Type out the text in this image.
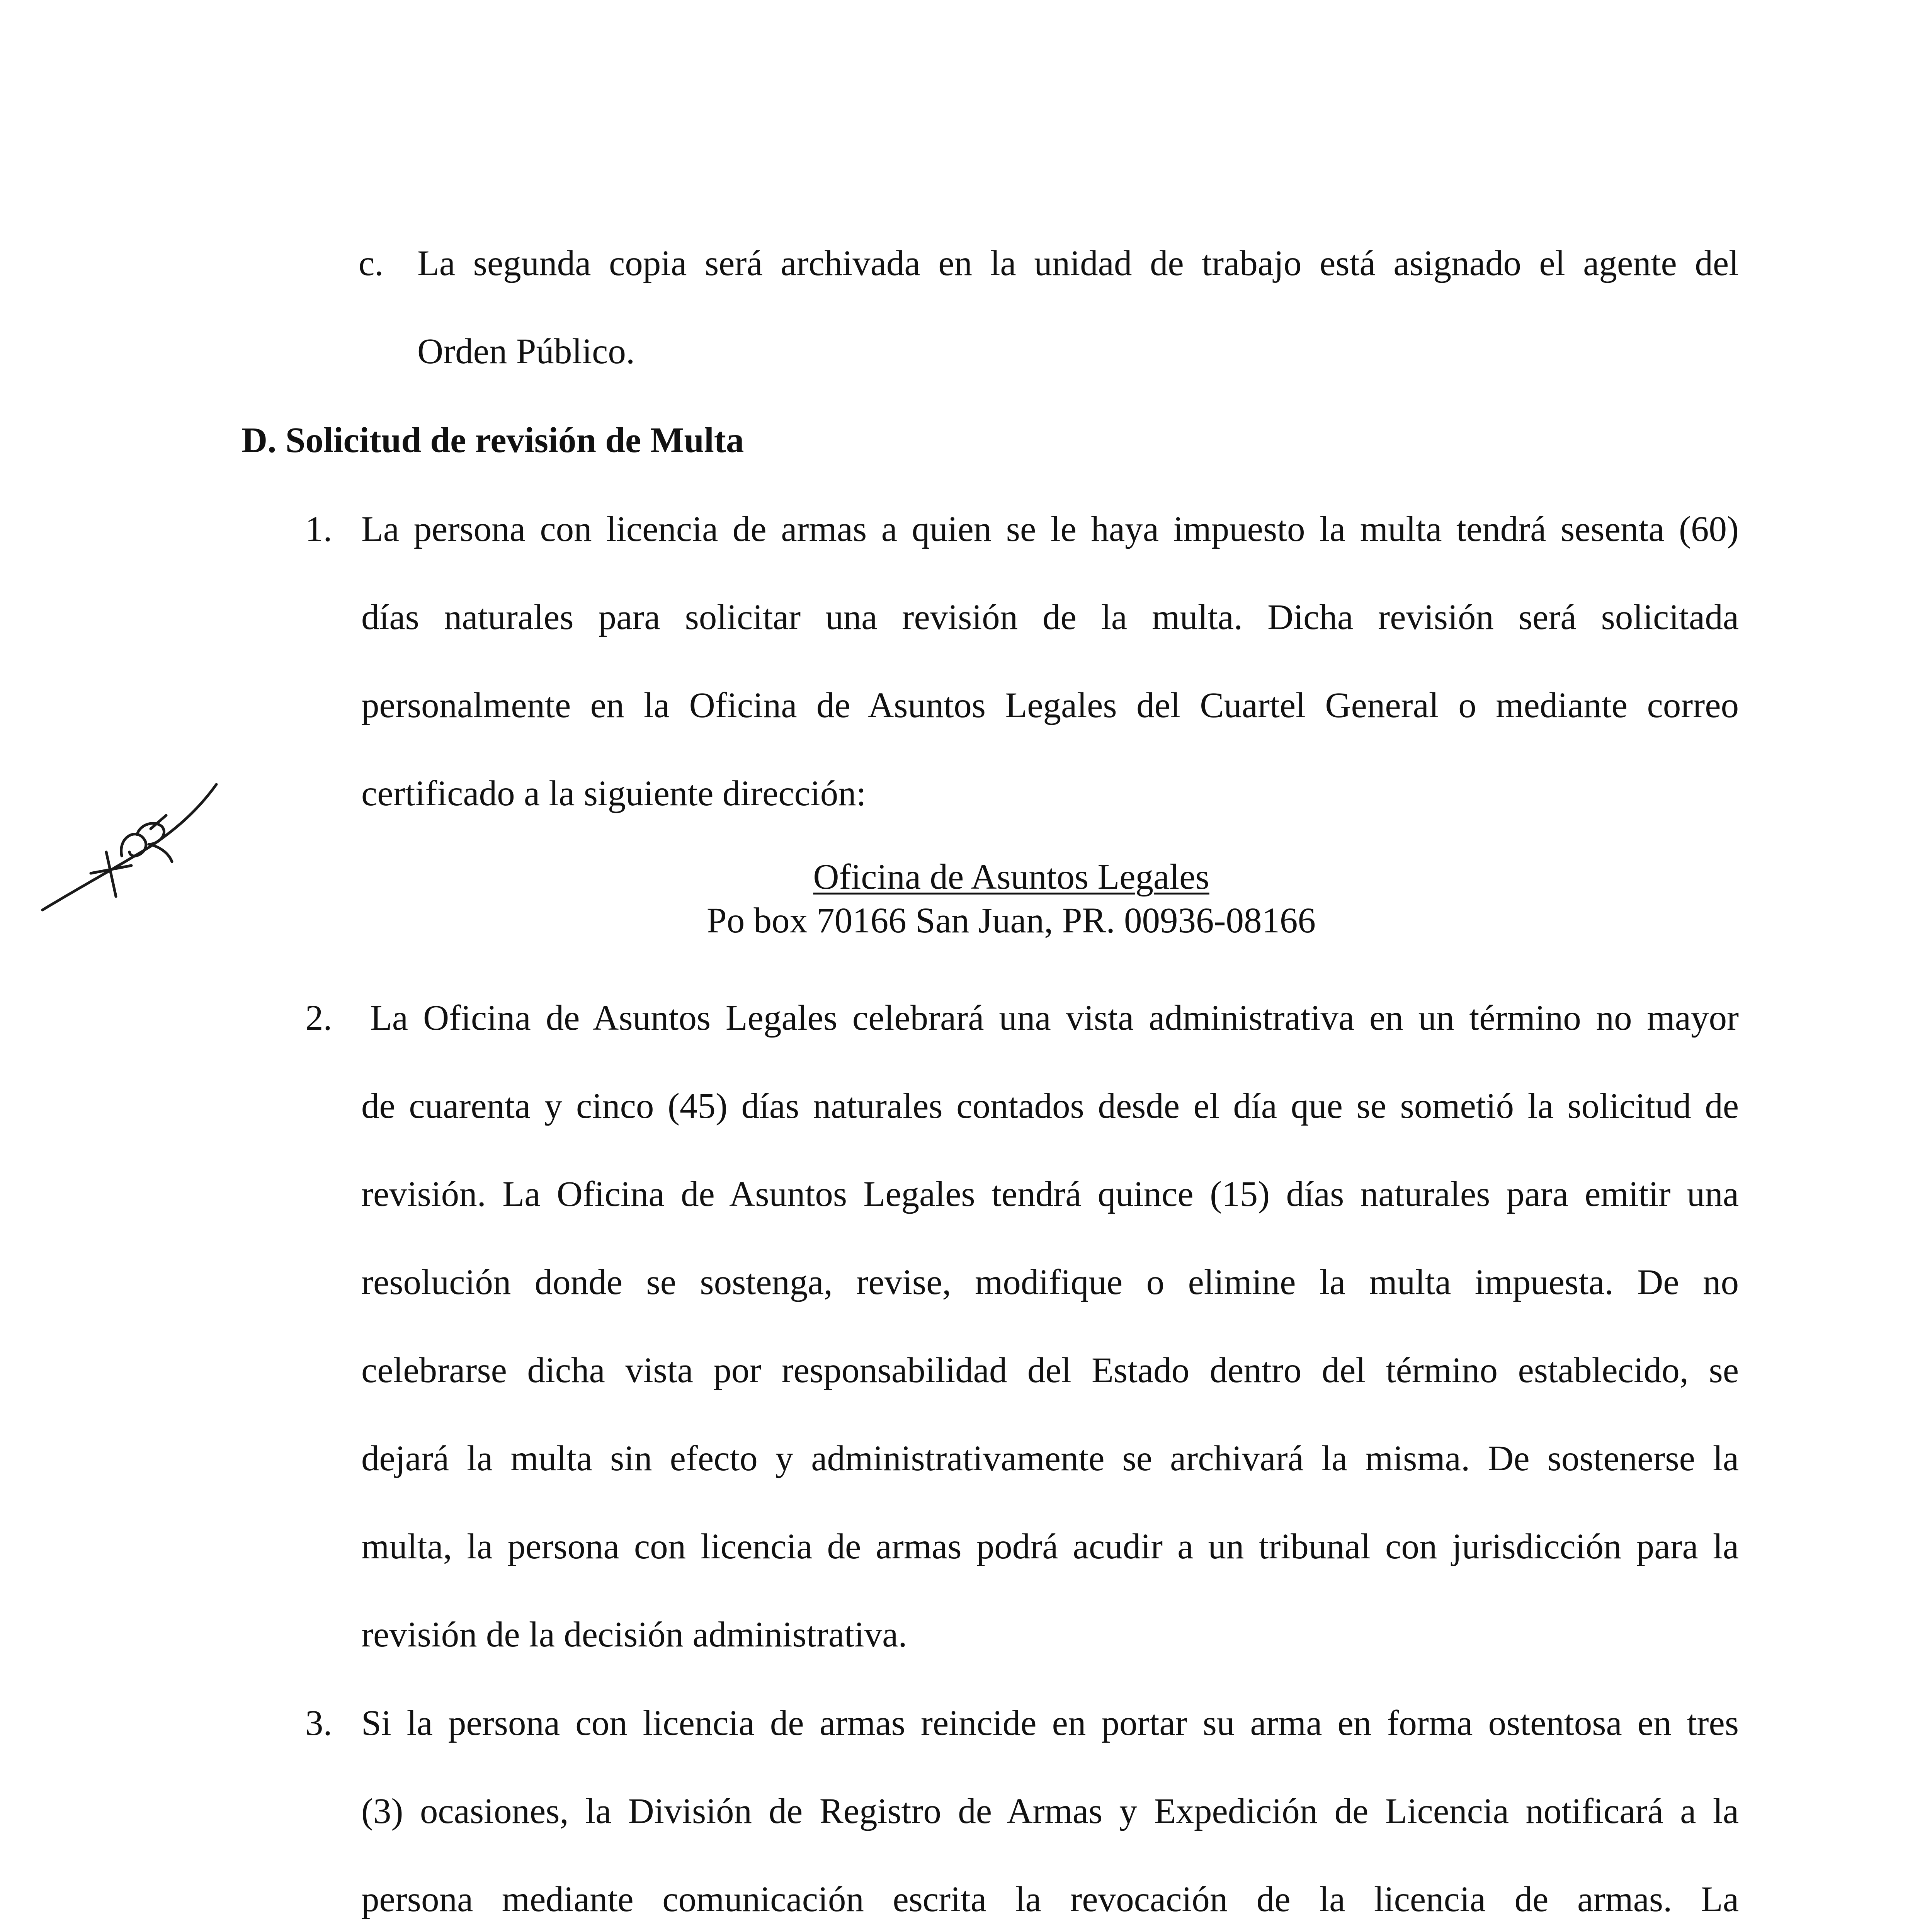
c. La segunda copia será archivada en la unidad de trabajo está asignado el agente del
Orden Público.
D. Solicitud de revisión de Multa
1. La persona con licencia de armas a quien se le haya impuesto la multa tendrá sesenta (60)
días naturales para solicitar una revisión de la multa. Dicha revisión será solicitada
personalmente en la Oficina de Asuntos Legales del Cuartel General o mediante correo
certificado a la siguiente dirección:
Oficina de Asuntos Legales
Po box 70166 San Juan, PR. 00936-08166
2. La Oficina de Asuntos Legales celebrará una vista administrativa en un término no mayor
de cuarenta y cinco (45) días naturales contados desde el día que se sometió la solicitud de
revisión. La Oficina de Asuntos Legales tendrá quince (15) días naturales para emitir una
resolución donde se sostenga, revise, modifique o elimine la multa impuesta. De no
celebrarse dicha vista por responsabilidad del Estado dentro del término establecido, se
dejará la multa sin efecto y administrativamente se archivará la misma. De sostenerse la
multa, la persona con licencia de armas podrá acudir a un tribunal con jurisdicción para la
revisión de la decisión administrativa.
3. Si la persona con licencia de armas reincide en portar su arma en forma ostentosa en tres
(3) ocasiones, la División de Registro de Armas y Expedición de Licencia notificará a la
persona mediante comunicación escrita la revocación de la licencia de armas. La
